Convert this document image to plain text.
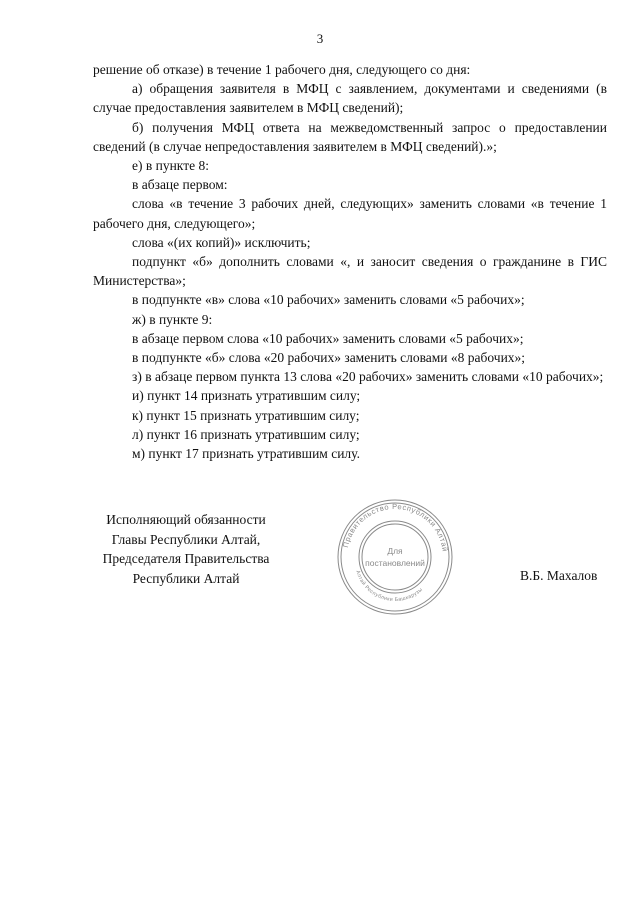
3

решение об отказе) в течение 1 рабочего дня, следующего со дня:

а) обращения заявителя в МФЦ с заявлением, документами и сведениями (в случае предоставления заявителем в МФЦ сведений);

б) получения МФЦ ответа на межведомственный запрос о предоставлении сведений (в случае непредоставления заявителем в МФЦ сведений).»;

е) в пункте 8:

в абзаце первом:

слова «в течение 3 рабочих дней, следующих» заменить словами «в течение 1 рабочего дня, следующего»;

слова «(их копий)» исключить;

подпункт «б» дополнить словами «, и заносит сведения о гражданине в ГИС Министерства»;

в подпункте «в» слова «10 рабочих» заменить словами «5 рабочих»;

ж) в пункте 9:

в абзаце первом слова «10 рабочих» заменить словами «5 рабочих»;

в подпункте «б» слова «20 рабочих» заменить словами «8 рабочих»;

з) в абзаце первом пункта 13 слова «20 рабочих» заменить словами «10 рабочих»;

и) пункт 14 признать утратившим силу;

к) пункт 15 признать утратившим силу;

л) пункт 16 признать утратившим силу;

м) пункт 17 признать утратившим силу.

Исполняющий обязанности
Главы Республики Алтай,
Председателя Правительства
Республики Алтай	В.Б. Махалов
Правительство Республики Алтай
Алтай Республики Башкарузы
Для
постановлений
